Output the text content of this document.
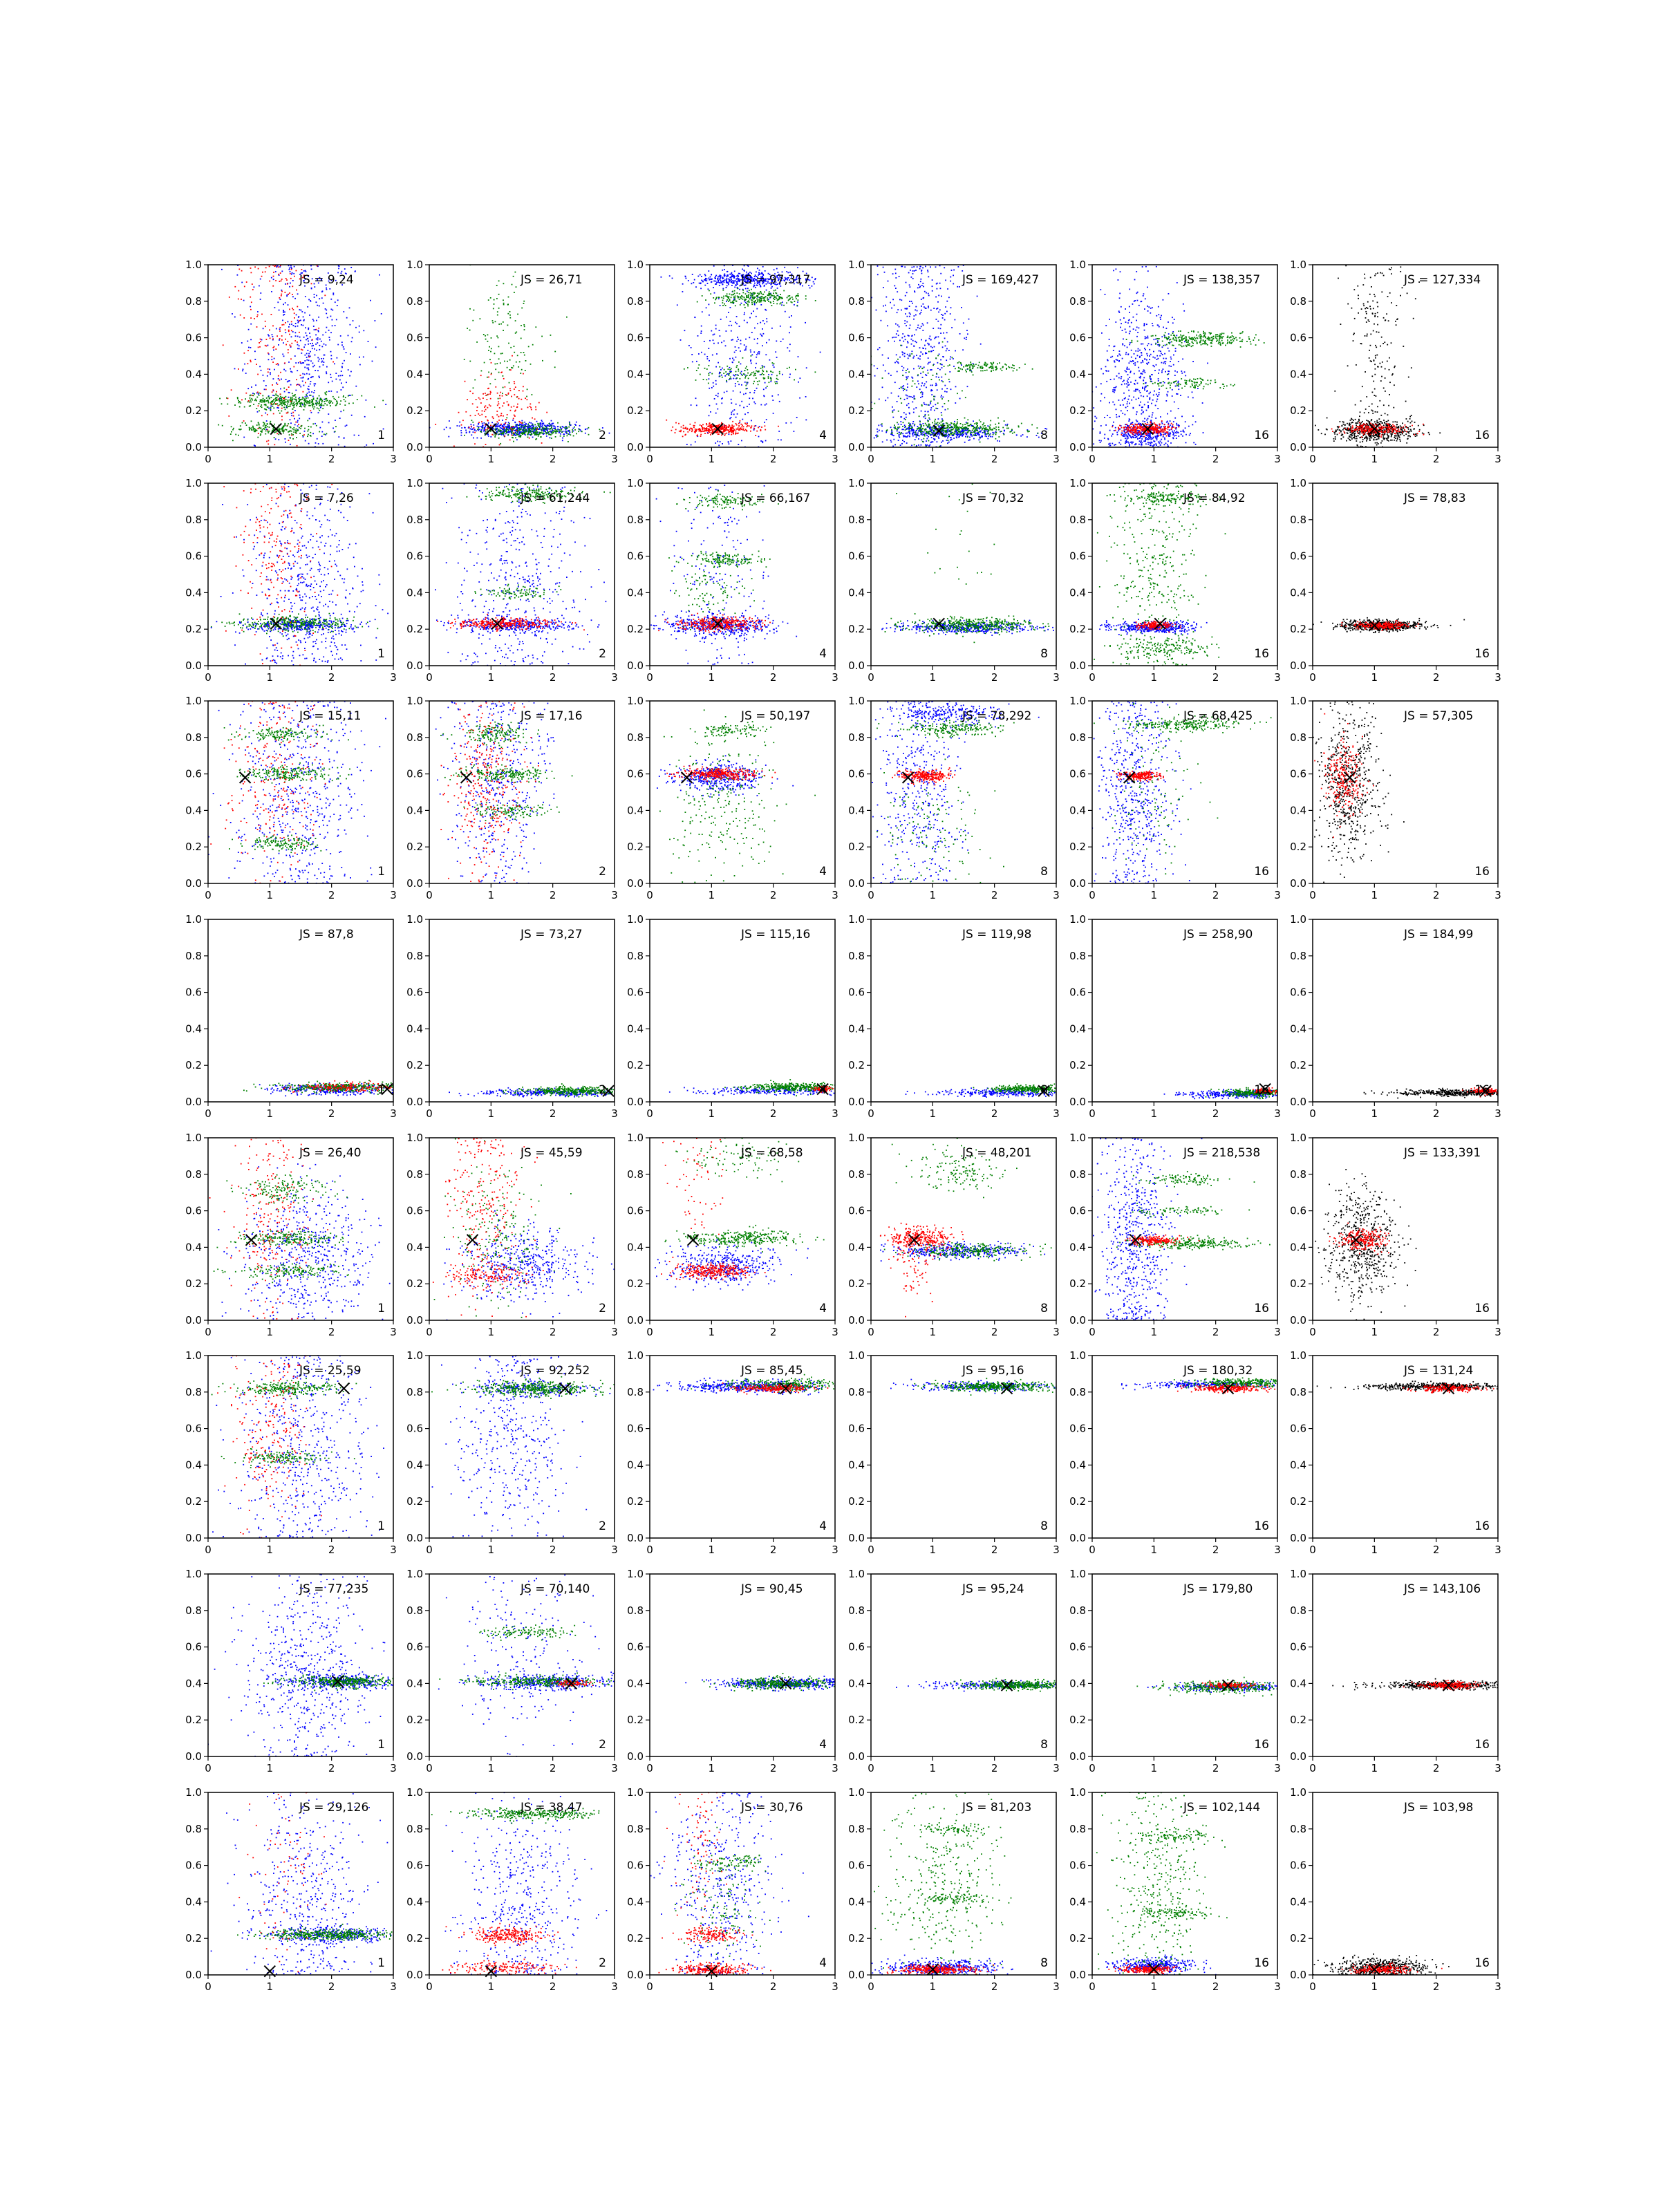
0.0
0.2
0.4
0.6
0.8
1.0
0	1	2	3
JS = 9,24
1
0.0
0.2
0.4
0.6
0.8
1.0
0	1	2	3
JS = 26,71
2
0.0
0.2
0.4
0.6
0.8
1.0
0	1	2	3
JS = 97,317
4
0.0
0.2
0.4
0.6
0.8
1.0
0	1	2	3
JS = 169,427
8
0.0
0.2
0.4
0.6
0.8
1.0
0	1	2	3
JS = 138,357
16
0.0
0.2
0.4
0.6
0.8
1.0
0	1	2	3
JS = 127,334
16
0.0
0.2
0.4
0.6
0.8
1.0
0	1	2	3
JS = 7,26
1
0.0
0.2
0.4
0.6
0.8
1.0
0	1	2	3
JS = 61,244
2
0.0
0.2
0.4
0.6
0.8
1.0
0	1	2	3
JS = 66,167
4
0.0
0.2
0.4
0.6
0.8
1.0
0	1	2	3
JS = 70,32
8
0.0
0.2
0.4
0.6
0.8
1.0
0	1	2	3
JS = 84,92
16
0.0
0.2
0.4
0.6
0.8
1.0
0	1	2	3
JS = 78,83
16
0.0
0.2
0.4
0.6
0.8
1.0
0	1	2	3
JS = 15,11
1
0.0
0.2
0.4
0.6
0.8
1.0
0	1	2	3
JS = 17,16
2
0.0
0.2
0.4
0.6
0.8
1.0
0	1	2	3
JS = 50,197
4
0.0
0.2
0.4
0.6
0.8
1.0
0	1	2	3
JS = 78,292
8
0.0
0.2
0.4
0.6
0.8
1.0
0	1	2	3
JS = 68,425
16
0.0
0.2
0.4
0.6
0.8
1.0
0	1	2	3
JS = 57,305
16
0.0
0.2
0.4
0.6
0.8
1.0
0	1	2	3
JS = 87,8
1
0.0
0.2
0.4
0.6
0.8
1.0
0	1	2	3
JS = 73,27
2
0.0
0.2
0.4
0.6
0.8
1.0
0	1	2	3
JS = 115,16
4
0.0
0.2
0.4
0.6
0.8
1.0
0	1	2	3
JS = 119,98
8
0.0
0.2
0.4
0.6
0.8
1.0
0	1	2	3
JS = 258,90
16
0.0
0.2
0.4
0.6
0.8
1.0
0	1	2	3
JS = 184,99
16
0.0
0.2
0.4
0.6
0.8
1.0
0	1	2	3
JS = 26,40
1
0.0
0.2
0.4
0.6
0.8
1.0
0	1	2	3
JS = 45,59
2
0.0
0.2
0.4
0.6
0.8
1.0
0	1	2	3
JS = 68,58
4
0.0
0.2
0.4
0.6
0.8
1.0
0	1	2	3
JS = 48,201
8
0.0
0.2
0.4
0.6
0.8
1.0
0	1	2	3
JS = 218,538
16
0.0
0.2
0.4
0.6
0.8
1.0
0	1	2	3
JS = 133,391
16
0.0
0.2
0.4
0.6
0.8
1.0
0	1	2	3
JS = 25,59
1
0.0
0.2
0.4
0.6
0.8
1.0
0	1	2	3
JS = 92,252
2
0.0
0.2
0.4
0.6
0.8
1.0
0	1	2	3
JS = 85,45
4
0.0
0.2
0.4
0.6
0.8
1.0
0	1	2	3
JS = 95,16
8
0.0
0.2
0.4
0.6
0.8
1.0
0	1	2	3
JS = 180,32
16
0.0
0.2
0.4
0.6
0.8
1.0
0	1	2	3
JS = 131,24
16
0.0
0.2
0.4
0.6
0.8
1.0
0	1	2	3
JS = 77,235
1
0.0
0.2
0.4
0.6
0.8
1.0
0	1	2	3
JS = 70,140
2
0.0
0.2
0.4
0.6
0.8
1.0
0	1	2	3
JS = 90,45
4
0.0
0.2
0.4
0.6
0.8
1.0
0	1	2	3
JS = 95,24
8
0.0
0.2
0.4
0.6
0.8
1.0
0	1	2	3
JS = 179,80
16
0.0
0.2
0.4
0.6
0.8
1.0
0	1	2	3
JS = 143,106
16
0.0
0.2
0.4
0.6
0.8
1.0
0	1	2	3
JS = 29,126
1
0.0
0.2
0.4
0.6
0.8
1.0
0	1	2	3
JS = 38,47
2
0.0
0.2
0.4
0.6
0.8
1.0
0	1	2	3
JS = 30,76
4
0.0
0.2
0.4
0.6
0.8
1.0
0	1	2	3
JS = 81,203
8
0.0
0.2
0.4
0.6
0.8
1.0
0	1	2	3
JS = 102,144
16
0.0
0.2
0.4
0.6
0.8
1.0
0	1	2	3
JS = 103,98
16
